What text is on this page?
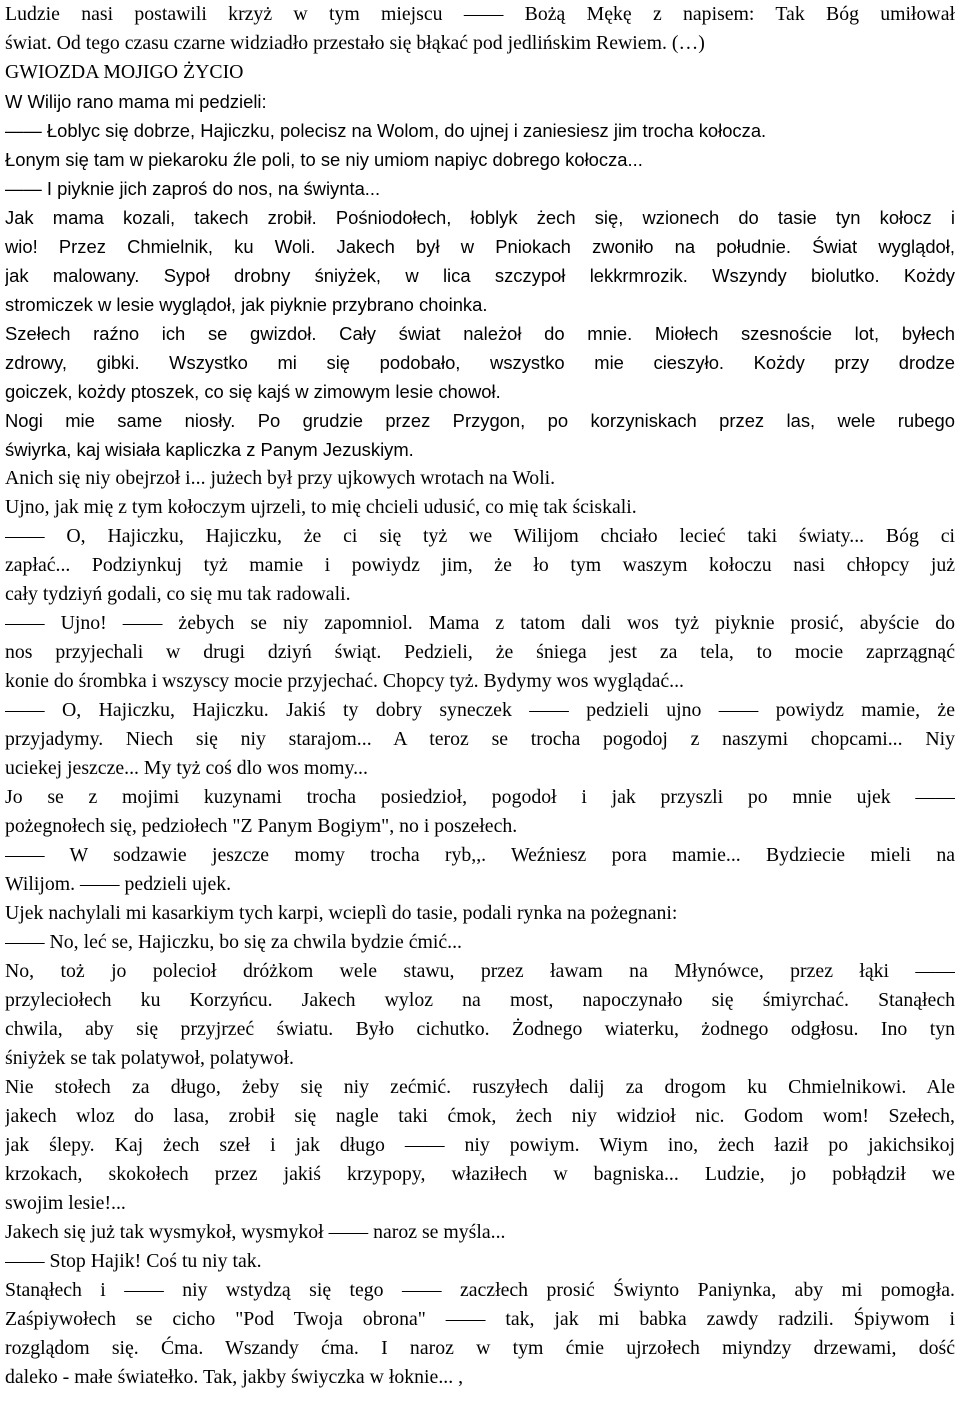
Ludzie nasi postawili krzyż w tym miejscu —— Bożą Mękę z napisem: Tak Bóg umiłował
świat. Od tego czasu czarne widziadło przestało się błąkać pod jedlińskim Rewiem. (…)
GWIOZDA MOJIGO ŻYCIO
W Wilijo rano mama mi pedzieli:
—— Łoblyc się dobrze, Hajiczku, polecisz na Wolom, do ujnej i zaniesiesz jim trocha kołocza.
Łonym się tam w piekaroku źle poli, to se niy umiom napiyc dobrego kołocza...
—— I piyknie jich zaproś do nos, na świynta...
Jak mama kozali, takech zrobił. Pośniodołech, łoblyk żech się, wzionech do tasie tyn kołocz i
wio! Przez Chmielnik, ku Woli. Jakech był w Pniokach zwoniło na południe. Świat wyglądoł,
jak malowany. Sypoł drobny śniyżek, w lica szczypoł lekkrmrozik. Wszyndy biolutko. Kożdy
stromiczek w lesie wyglądoł, jak piyknie przybrano choinka.
Szełech raźno ich se gwizdoł. Cały świat należoł do mnie. Miołech szesnoście lot, byłech
zdrowy, gibki. Wszystko mi się podobało, wszystko mie cieszyło. Kożdy przy drodze
goiczek, kożdy ptoszek, co się kajś w zimowym lesie chowoł.
Nogi mie same niosły. Po grudzie przez Przygon, po korzyniskach przez las, wele rubego
świyrka, kaj wisiała kapliczka z Panym Jezuskiym.
Anich się niy obejrzoł i... jużech był przy ujkowych wrotach na Woli.
Ujno, jak mię z tym kołoczym ujrzeli, to mię chcieli udusić, co mię tak ściskali.
—— O, Hajiczku, Hajiczku, że ci się tyż we Wilijom chciało lecieć taki światy... Bóg ci
zapłać... Podziynkuj tyż mamie i powiydz jim, że ło tym waszym kołoczu nasi chłopcy już
cały tydziyń godali, co się mu tak radowali.
—— Ujno! —— żebych se niy zapomniol. Mama z tatom dali wos tyż piyknie prosić, abyście do
nos przyjechali w drugi dziyń świąt. Pedzieli, że śniega jest za tela, to mocie zaprzągnąć
konie do śrombka i wszyscy mocie przyjechać. Chopcy tyż. Bydymy wos wyglądać...
—— O, Hajiczku, Hajiczku. Jakiś ty dobry syneczek —— pedzieli ujno —— powiydz mamie, że
przyjadymy. Niech się niy starajom... A teroz se trocha pogodoj z naszymi chopcami... Niy
uciekej jeszcze... My tyż coś dlo wos momy...
Jo se z mojimi kuzynami trocha posiedzioł, pogodoł i jak przyszli po mnie ujek ——
pożegnołech się, pedziołech "Z Panym Bogiym", no i poszełech.
—— W sodzawie jeszcze momy trocha ryb,,. Weźniesz pora mamie... Bydziecie mieli na
Wilijom. —— pedzieli ujek.
Ujek nachylali mi kasarkiym tych karpi, wcieplì do tasie, podali rynka na pożegnani:
—— No, leć se, Hajiczku, bo się za chwila bydzie ćmić...
No, toż jo polecioł dróżkom wele stawu, przez ławam na Młynówce, przez łąki ——
przyleciołech ku Korzyńcu. Jakech wyloz na most, napoczynało się śmiyrchać. Stanąłech
chwila, aby się przyjrzeć światu. Było cichutko. Żodnego wiaterku, żodnego odgłosu. Ino tyn
śniyżek se tak polatywoł, polatywoł.
Nie stołech za długo, żeby się niy zećmić. ruszyłech dalij za drogom ku Chmielnikowi. Ale
jakech wloz do lasa, zrobił się nagle taki ćmok, żech niy widzioł nic. Godom wom! Szełech,
jak ślepy. Kaj żech szeł i jak długo —— niy powiym. Wiym ino, żech łaził po jakichsikoj
krzokach, skokołech przez jakiś krzypopy, właziłech w bagniska... Ludzie, jo pobłądził we
swojim lesie!...
Jakech się już tak wysmykoł, wysmykoł —— naroz se myśla...
—— Stop Hajik! Coś tu niy tak.
Stanąłech i —— niy wstydzą się tego —— zaczłech prosić Świynto Paniynka, aby mi pomogła.
Zaśpiywołech se cicho "Pod Twoja obrona" —— tak, jak mi babka zawdy radzili. Śpiywom i
rozglądom się. Ćma. Wszandy ćma. I naroz w tym ćmie ujrzołech miyndzy drzewami, dość
daleko - małe światełko. Tak, jakby świyczka w łoknie... ,
